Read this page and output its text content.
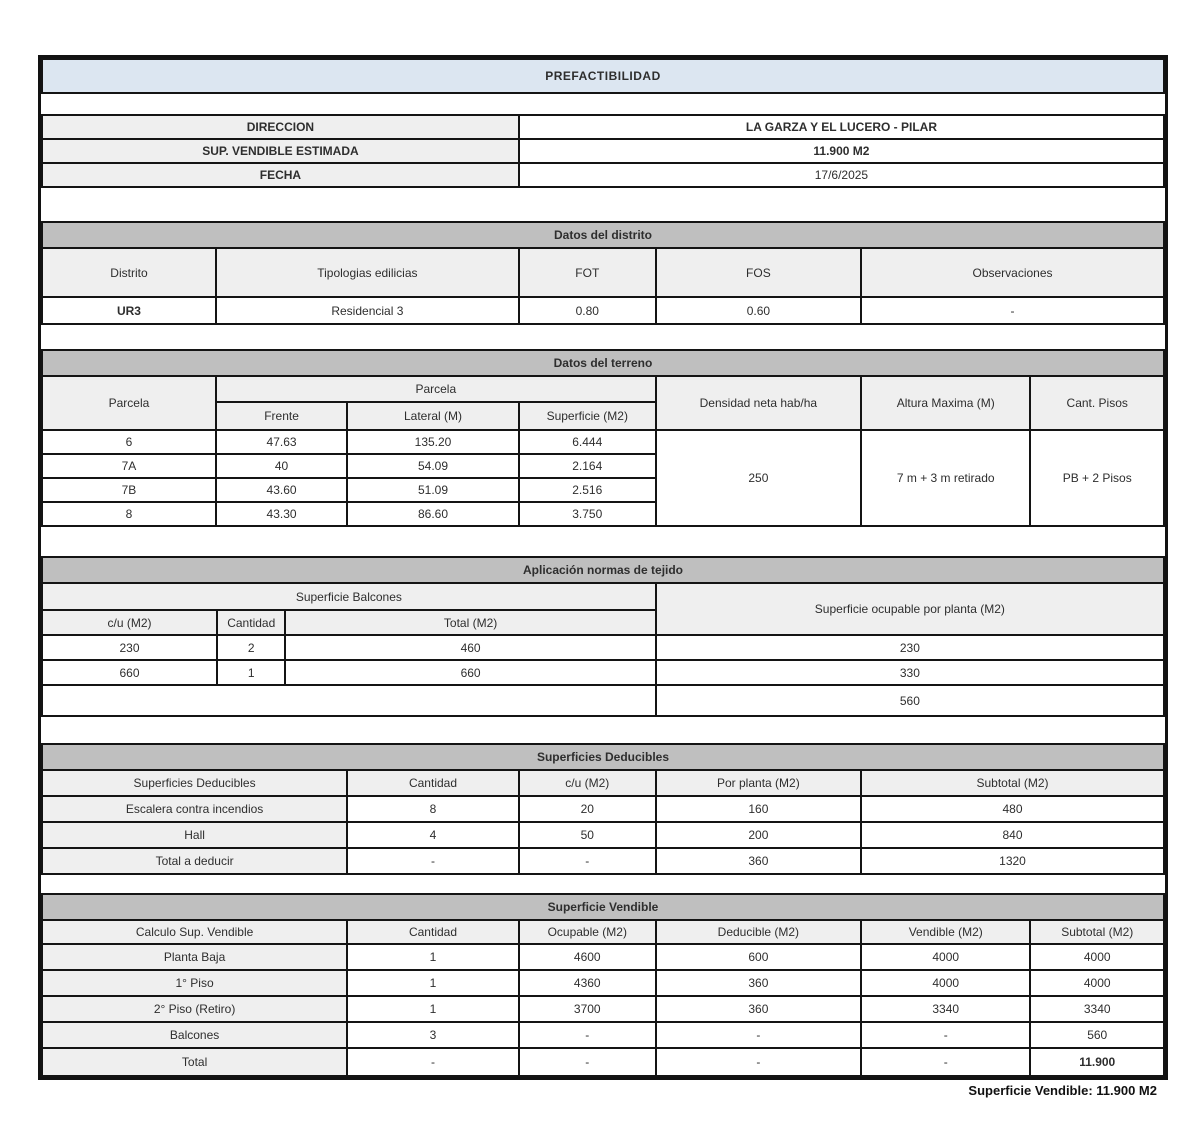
PREFACTIBILIDAD
DIRECCION	LA GARZA Y EL LUCERO - PILAR
SUP. VENDIBLE ESTIMADA	11.900 M2
FECHA	17/6/2025
Datos del distrito				
Distrito	Tipologias edilicias	FOT	FOS	Observaciones
UR3	Residencial 3	0.80	0.60	-
Datos del terreno						
Parcela	Parcela			Densidad neta hab/ha	Altura Maxima (M)	Cant. Pisos
	Frente	Lateral (M)	Superficie (M2)			
6	47.63	135.20	6.444	250	7 m + 3 m retirado	PB + 2 Pisos
7A	40	54.09	2.164			
7B	43.60	51.09	2.516			
8	43.30	86.60	3.750			
Aplicación normas de tejido			
Superficie Balcones			Superficie ocupable por planta (M2)
c/u (M2)	Cantidad	Total (M2)	
230	2	460	230
660	1	660	330
			560
Superficies Deducibles				
Superficies Deducibles	Cantidad	c/u (M2)	Por planta (M2)	Subtotal (M2)
Escalera contra incendios	8	20	160	480
Hall	4	50	200	840
Total a deducir	-	-	360	1320
Superficie Vendible					
Calculo Sup. Vendible	Cantidad	Ocupable (M2)	Deducible (M2)	Vendible (M2)	Subtotal (M2)
Planta Baja	1	4600	600	4000	4000
1° Piso	1	4360	360	4000	4000
2° Piso (Retiro)	1	3700	360	3340	3340
Balcones	3	-	-	-	560
Total	-	-	-	-	11.900
Superficie Vendible: 11.900 M2
